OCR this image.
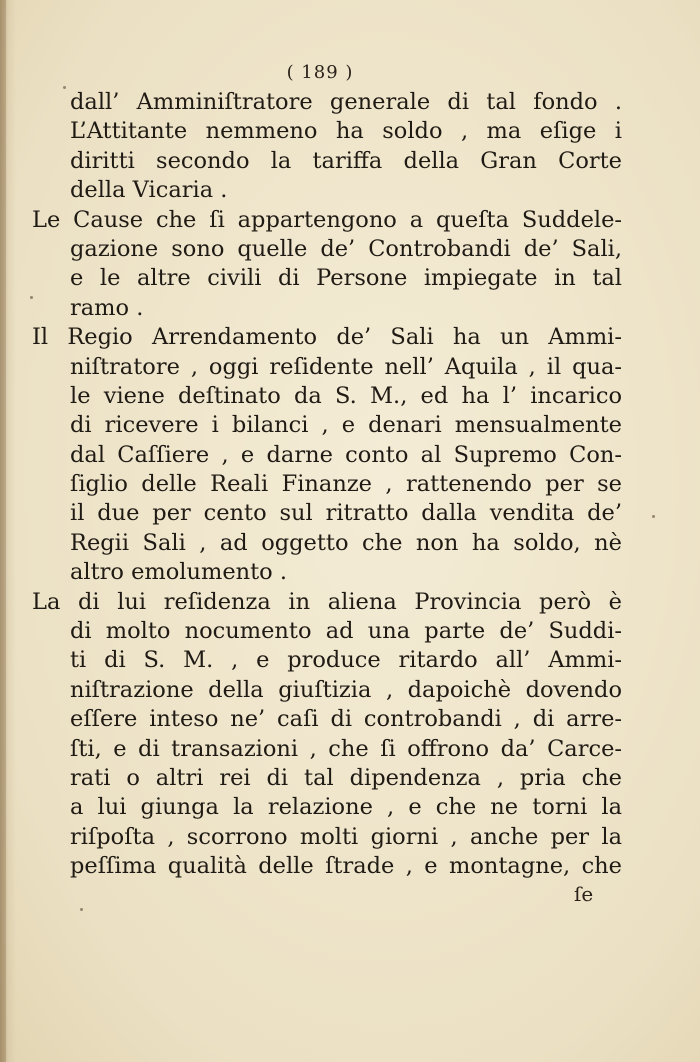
( 189 )
dall’ Amminiſtratore generale di tal fondo .
L’Attitante nemmeno ha soldo , ma eſige i
diritti secondo la tariffa della Gran Corte
della Vicaria .
Le Cause che ſi appartengono a queſta Suddele-
gazione sono quelle de’ Controbandi de’ Sali,
e le altre civili di Persone impiegate in tal
ramo .
Il Regio Arrendamento de’ Sali ha un Ammi-
niſtratore , oggi reſidente nell’ Aquila , il qua-
le viene deſtinato da S. M., ed ha l’ incarico
di ricevere i bilanci , e denari mensualmente
dal Caſſiere , e darne conto al Supremo Con-
ſiglio delle Reali Finanze , rattenendo per se
il due per cento sul ritratto dalla vendita de’
Regii Sali , ad oggetto che non ha soldo, nè
altro emolumento .
La di lui reſidenza in aliena Provincia però è
di molto nocumento ad una parte de’ Suddi-
ti di S. M. , e produce ritardo all’ Ammi-
niſtrazione della giuſtizia , dapoichè dovendo
eſſere inteso ne’ caſi di controbandi , di arre-
ſti, e di transazioni , che ſi offrono da’ Carce-
rati o altri rei di tal dipendenza , pria che
a lui giunga la relazione , e che ne torni la
riſpoſta , scorrono molti giorni , anche per la
peſſima qualità delle ſtrade , e montagne, che
ſe
